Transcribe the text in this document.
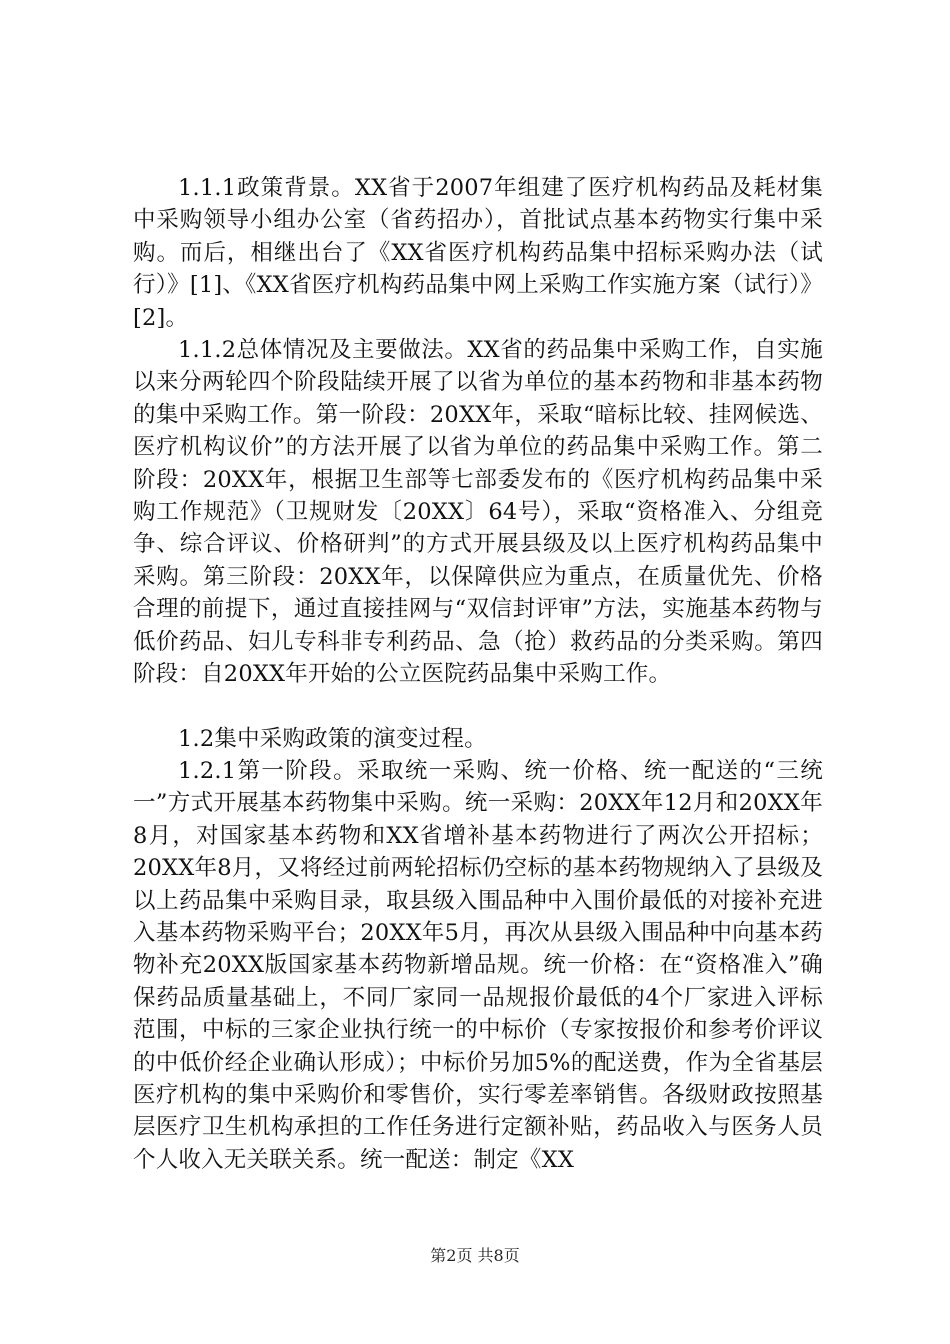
1.1.1政策背景。XX省于2007年组建了医疗机构药品及耗材集中采购领导小组办公室（省药招办），首批试点基本药物实行集中采购。而后，相继出台了《XX省医疗机构药品集中招标采购办法（试行）》[1]、《XX省医疗机构药品集中网上采购工作实施方案（试行）》[2]。

1.1.2总体情况及主要做法。XX省的药品集中采购工作，自实施以来分两轮四个阶段陆续开展了以省为单位的基本药物和非基本药物的集中采购工作。第一阶段：20XX年，采取“暗标比较、挂网候选、医疗机构议价”的方法开展了以省为单位的药品集中采购工作。第二阶段：20XX年，根据卫生部等七部委发布的《医疗机构药品集中采购工作规范》（卫规财发〔20XX〕64号），采取“资格准入、分组竞争、综合评议、价格研判”的方式开展县级及以上医疗机构药品集中采购。第三阶段：20XX年，以保障供应为重点，在质量优先、价格合理的前提下，通过直接挂网与“双信封评审”方法，实施基本药物与低价药品、妇儿专科非专利药品、急（抢）救药品的分类采购。第四阶段：自20XX年开始的公立医院药品集中采购工作。

1.2集中采购政策的演变过程。

1.2.1第一阶段。采取统一采购、统一价格、统一配送的“三统一”方式开展基本药物集中采购。统一采购：20XX年12月和20XX年8月，对国家基本药物和XX省增补基本药物进行了两次公开招标；20XX年8月，又将经过前两轮招标仍空标的基本药物规纳入了县级及以上药品集中采购目录，取县级入围品种中入围价最低的对接补充进入基本药物采购平台；20XX年5月，再次从县级入围品种中向基本药物补充20XX版国家基本药物新增品规。统一价格：在“资格准入”确保药品质量基础上，不同厂家同一品规报价最低的4个厂家进入评标范围，中标的三家企业执行统一的中标价（专家按报价和参考价评议的中低价经企业确认形成）；中标价另加5%的配送费，作为全省基层医疗机构的集中采购价和零售价，实行零差率销售。各级财政按照基层医疗卫生机构承担的工作任务进行定额补贴，药品收入与医务人员个人收入无关联关系。统一配送：制定《XX

第2页 共8页
